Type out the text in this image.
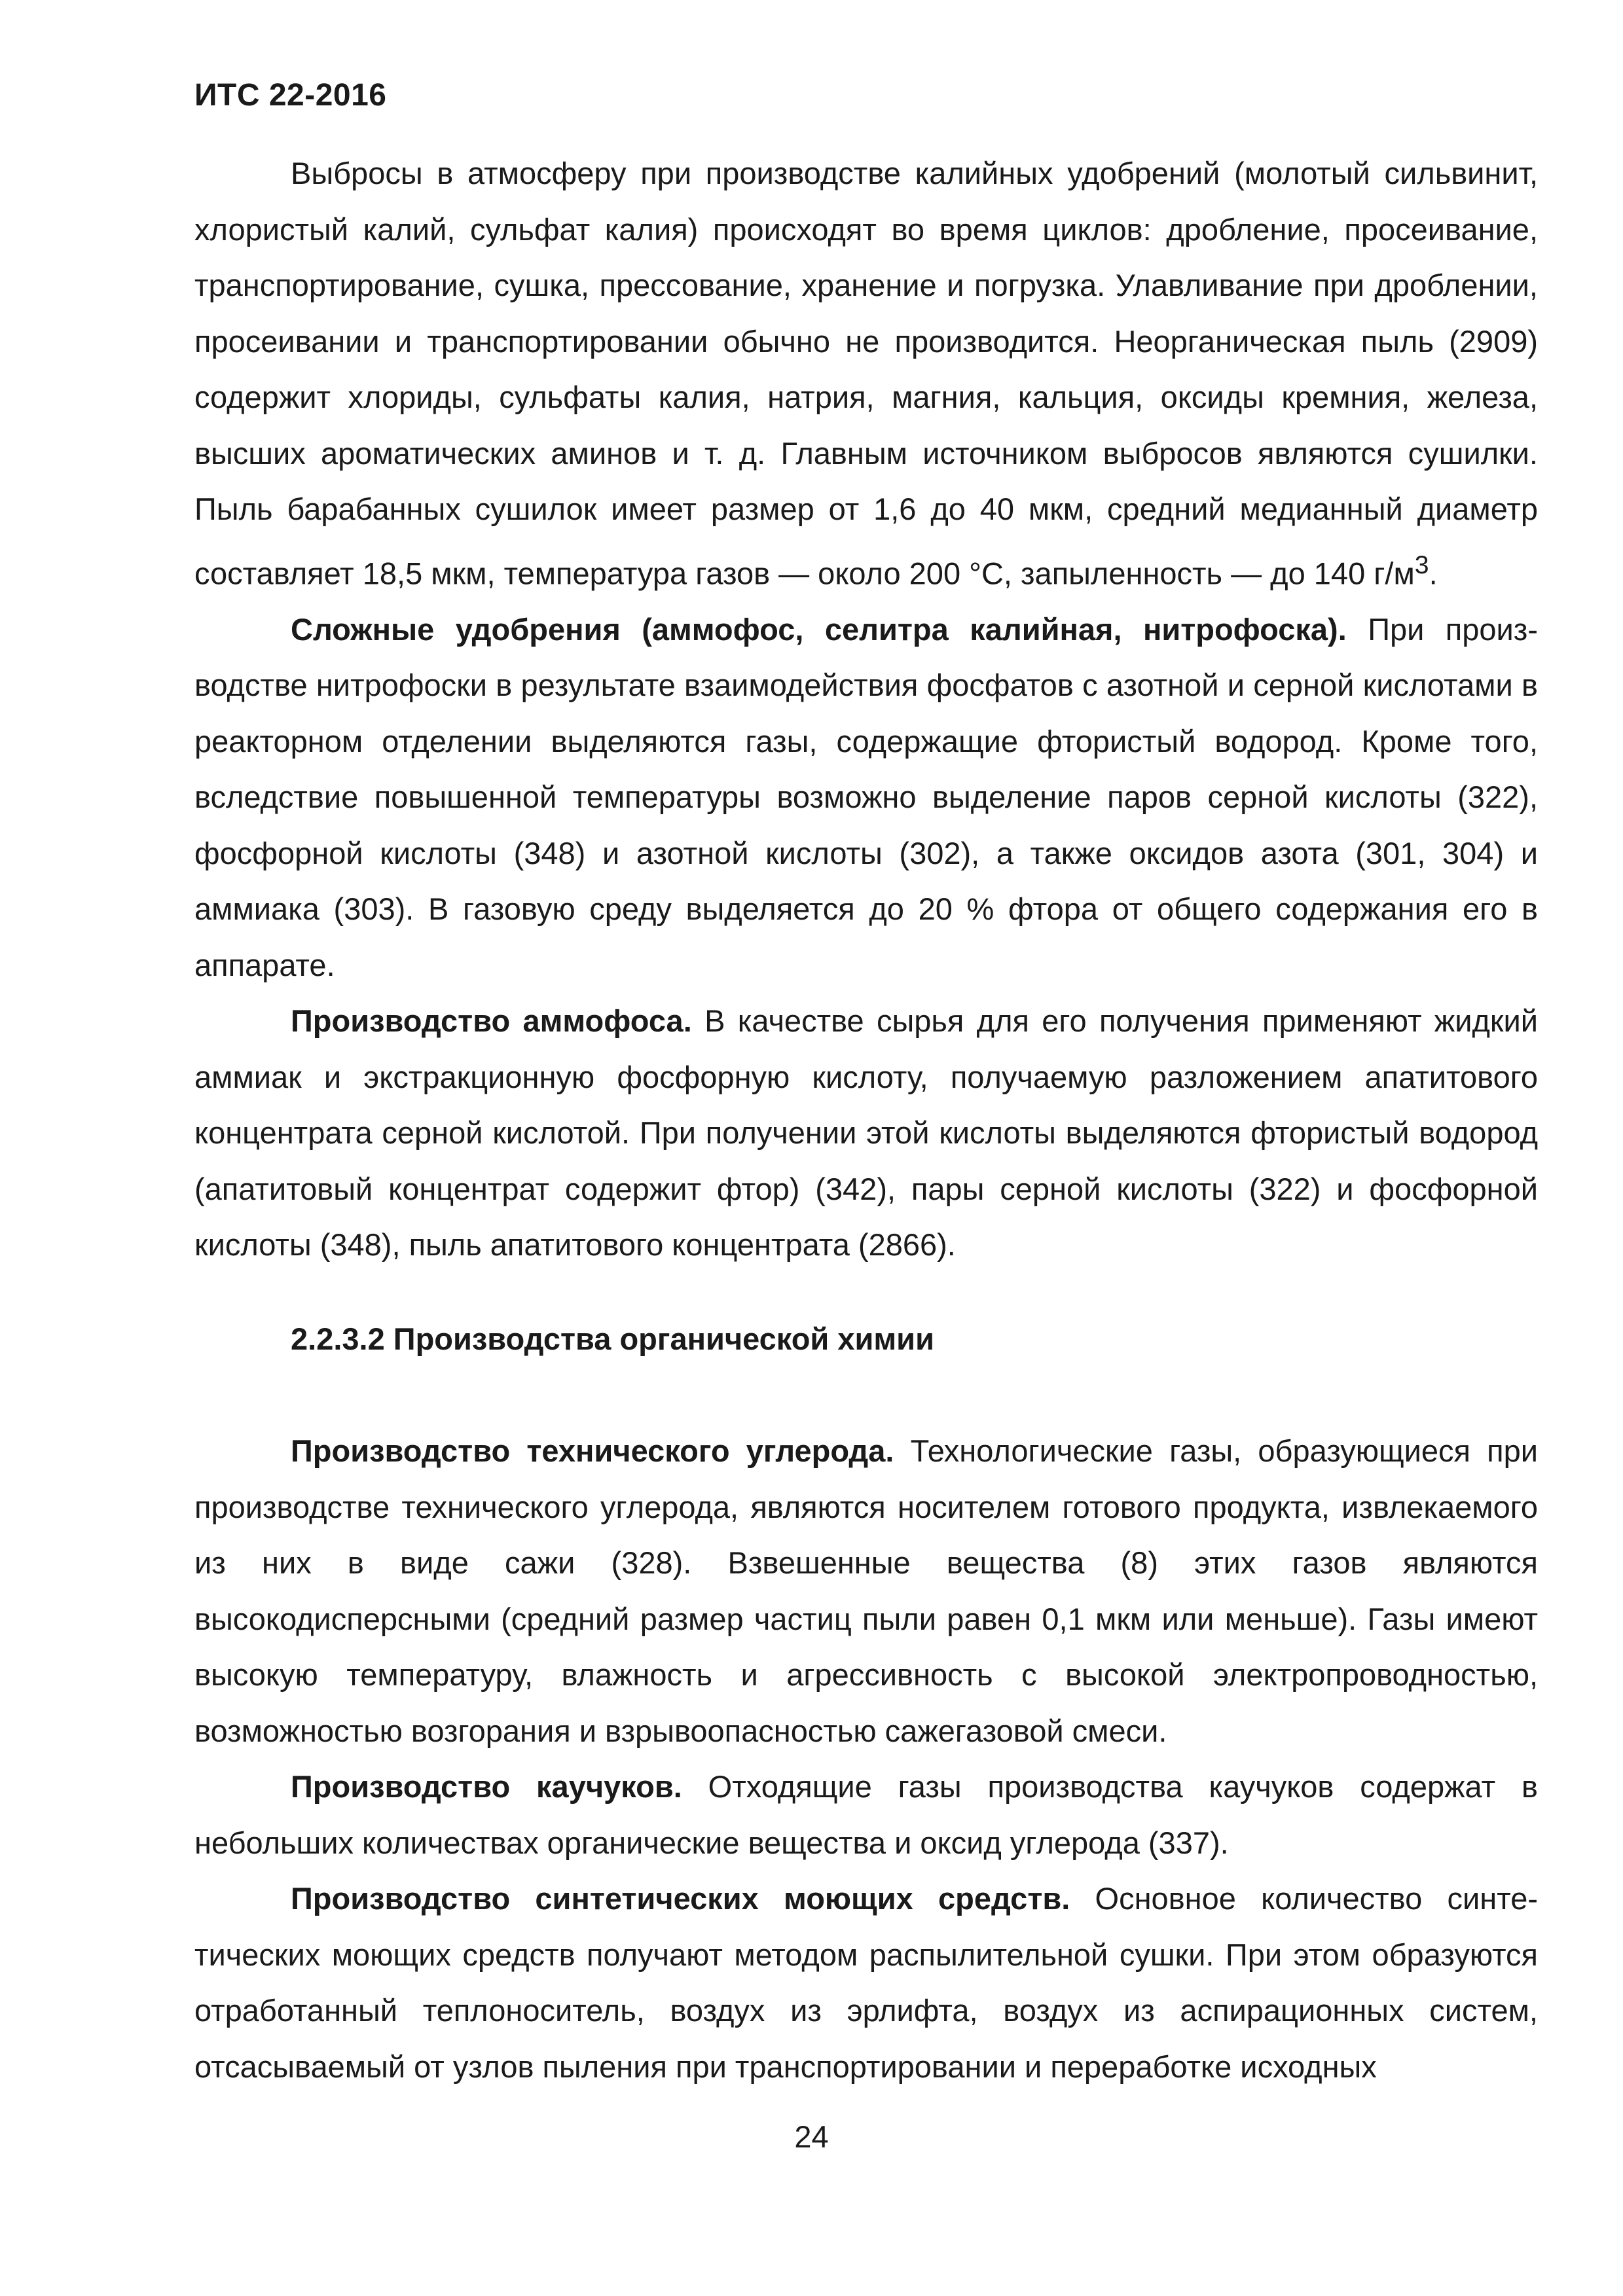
ИТС 22-2016

Выбросы в атмосферу при производстве калийных удобрений (молотый сильвинит, хлористый калий, сульфат калия) происходят во время циклов: дробление, просеивание, транспортирование, сушка, прессование, хранение и погрузка. Улавливание при дроблении, просеивании и транспортировании обычно не производится. Неорганическая пыль (2909) содержит хлориды, сульфаты калия, натрия, магния, кальция, оксиды кремния, железа, высших ароматических аминов и т. д. Главным источником выбросов являются сушилки. Пыль барабанных сушилок имеет размер от 1,6 до 40 мкм, средний медианный диаметр составляет 18,5 мкм, температура газов — около 200 °С, запыленность — до 140 $г/м^3$.

Сложные удобрения (аммофос, селитра калийная, нитрофоска). При производстве нитрофоски в результате взаимодействия фосфатов с азотной и серной кислотами в реакторном отделении выделяются газы, содержащие фтористый водород. Кроме того, вследствие повышенной температуры возможно выделение паров серной кислоты (322), фосфорной кислоты (348) и азотной кислоты (302), а также оксидов азота (301, 304) и аммиака (303). В газовую среду выделяется до 20 % фтора от общего содержания его в аппарате.

Производство аммофоса. В качестве сырья для его получения применяют жидкий аммиак и экстракционную фосфорную кислоту, получаемую разложением апатитового концентрата серной кислотой. При получении этой кислоты выделяются фтористый водород (апатитовый концентрат содержит фтор) (342), пары серной кислоты (322) и фосфорной кислоты (348), пыль апатитового концентрата (2866).

2.2.3.2 Производства органической химии

Производство технического углерода. Технологические газы, образующиеся при производстве технического углерода, являются носителем готового продукта, извлекаемого из них в виде сажи (328). Взвешенные вещества (8) этих газов являются высокодисперсными (средний размер частиц пыли равен 0,1 мкм или меньше). Газы имеют высокую температуру, влажность и агрессивность с высокой электропроводностью, возможностью возгорания и взрывоопасностью сажегазовой смеси.

Производство каучуков. Отходящие газы производства каучуков содержат в небольших количествах органические вещества и оксид углерода (337).

Производство синтетических моющих средств. Основное количество синтетических моющих средств получают методом распылительной сушки. При этом образуются отработанный теплоноситель, воздух из эрлифта, воздух из аспирационных систем, отсасываемый от узлов пыления при транспортировании и переработке исходных

24
